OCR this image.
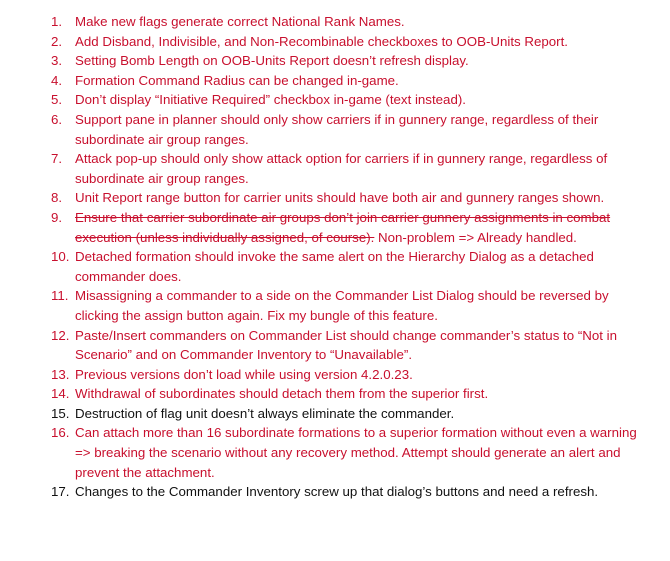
1. Make new flags generate correct National Rank Names.
2. Add Disband, Indivisible, and Non-Recombinable checkboxes to OOB-Units Report.
3. Setting Bomb Length on OOB-Units Report doesn’t refresh display.
4. Formation Command Radius can be changed in-game.
5. Don’t display “Initiative Required” checkbox in-game (text instead).
6. Support pane in planner should only show carriers if in gunnery range, regardless of their subordinate air group ranges.
7. Attack pop-up should only show attack option for carriers if in gunnery range, regardless of subordinate air group ranges.
8. Unit Report range button for carrier units should have both air and gunnery ranges shown.
9. Ensure that carrier subordinate air groups don’t join carrier gunnery assignments in combat execution (unless individually assigned, of course). Non-problem => Already handled.
10. Detached formation should invoke the same alert on the Hierarchy Dialog as a detached commander does.
11. Misassigning a commander to a side on the Commander List Dialog should be reversed by clicking the assign button again. Fix my bungle of this feature.
12. Paste/Insert commanders on Commander List should change commander’s status to “Not in Scenario” and on Commander Inventory to “Unavailable”.
13. Previous versions don’t load while using version 4.2.0.23.
14. Withdrawal of subordinates should detach them from the superior first.
15. Destruction of flag unit doesn’t always eliminate the commander.
16. Can attach more than 16 subordinate formations to a superior formation without even a warning => breaking the scenario without any recovery method. Attempt should generate an alert and prevent the attachment.
17. Changes to the Commander Inventory screw up that dialog’s buttons and need a refresh.
